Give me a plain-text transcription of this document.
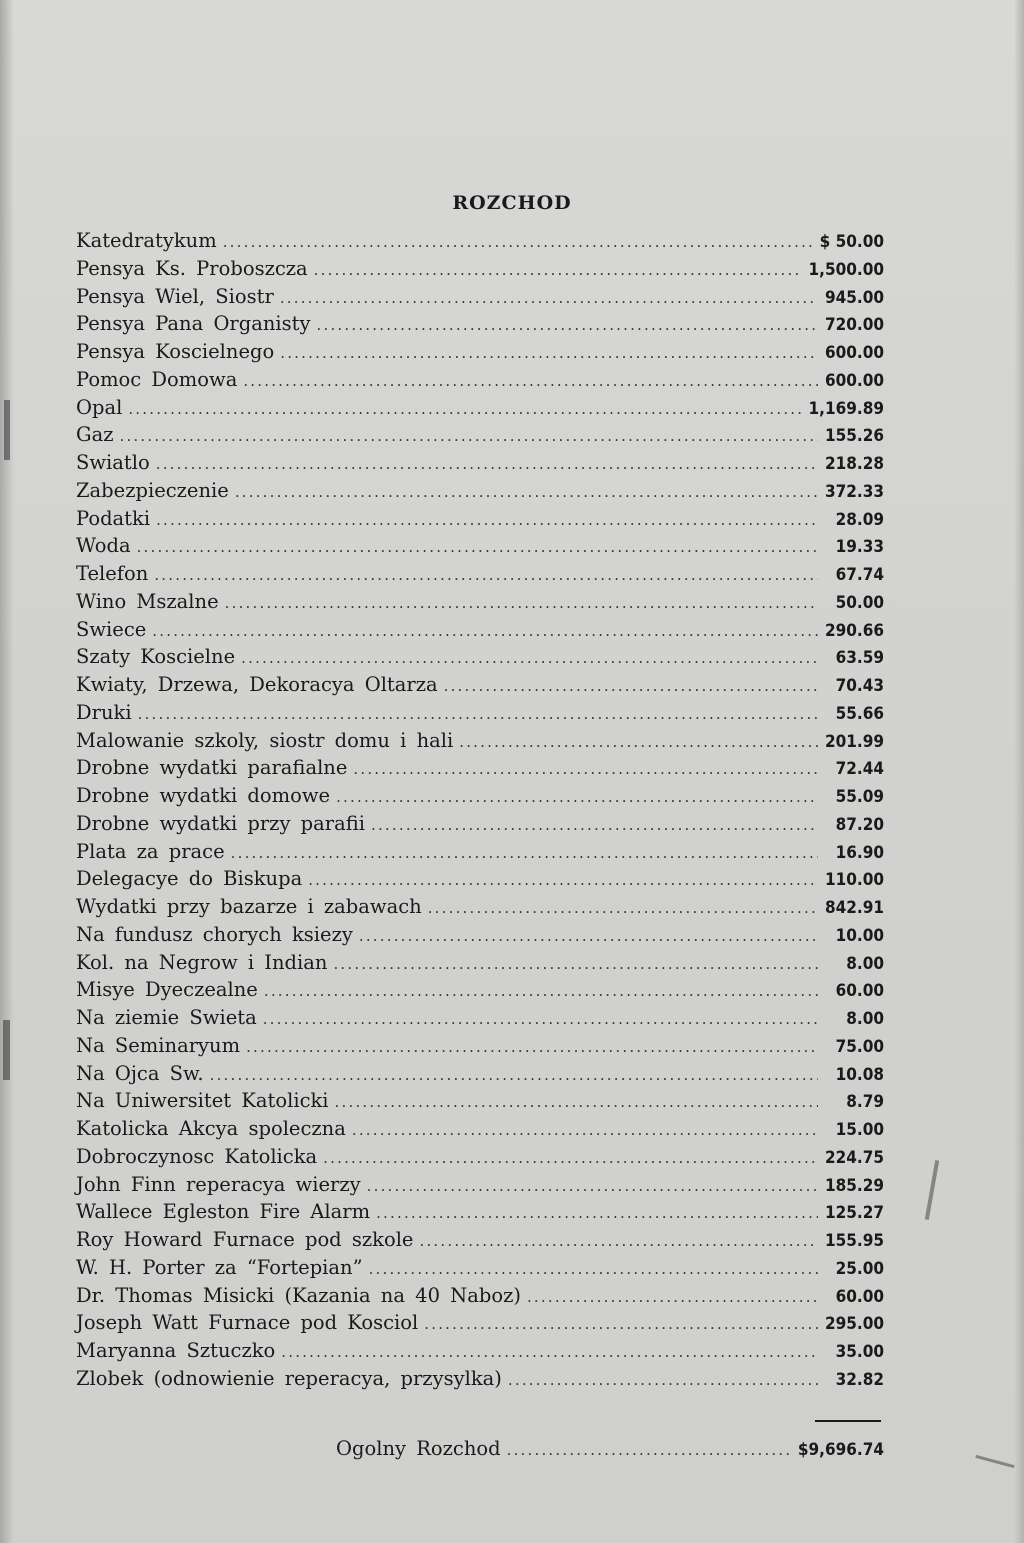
ROZCHOD
Katedratykum .....	$ 50.00
Pensya Ks. Proboszcza .....	1,500.00
Pensya Wiel, Siostr .....	945.00
Pensya Pana Organisty .....	720.00
Pensya Koscielnego .....	600.00
Pomoc Domowa .....	600.00
Opal .....	1,169.89
Gaz .....	155.26
Swiatlo .....	218.28
Zabezpieczenie .....	372.33
Podatki .....	28.09
Woda .....	19.33
Telefon .....	67.74
Wino Mszalne .....	50.00
Swiece .....	290.66
Szaty Koscielne .....	63.59
Kwiaty, Drzewa, Dekoracya Oltarza .....	70.43
Druki .....	55.66
Malowanie szkoly, siostr domu i hali .....	201.99
Drobne wydatki parafialne .....	72.44
Drobne wydatki domowe .....	55.09
Drobne wydatki przy parafii .....	87.20
Plata za prace .....	16.90
Delegacye do Biskupa .....	110.00
Wydatki przy bazarze i zabawach .....	842.91
Na fundusz chorych ksiezy .....	10.00
Kol. na Negrow i Indian .....	8.00
Misye Dyeczealne .....	60.00
Na ziemie Swieta .....	8.00
Na Seminaryum .....	75.00
Na Ojca Sw. .....	10.08
Na Uniwersitet Katolicki .....	8.79
Katolicka Akcya spoleczna .....	15.00
Dobroczynosc Katolicka .....	224.75
John Finn reperacya wierzy .....	185.29
Wallece Egleston Fire Alarm .....	125.27
Roy Howard Furnace pod szkole .....	155.95
W. H. Porter za “Fortepian” .....	25.00
Dr. Thomas Misicki (Kazania na 40 Naboz) .....	60.00
Joseph Watt Furnace pod Kosciol .....	295.00
Maryanna Sztuczko .....	35.00
Zlobek (odnowienie reperacya, przysylka) .....	32.82
Ogolny Rozchod .....	$9,696.74
